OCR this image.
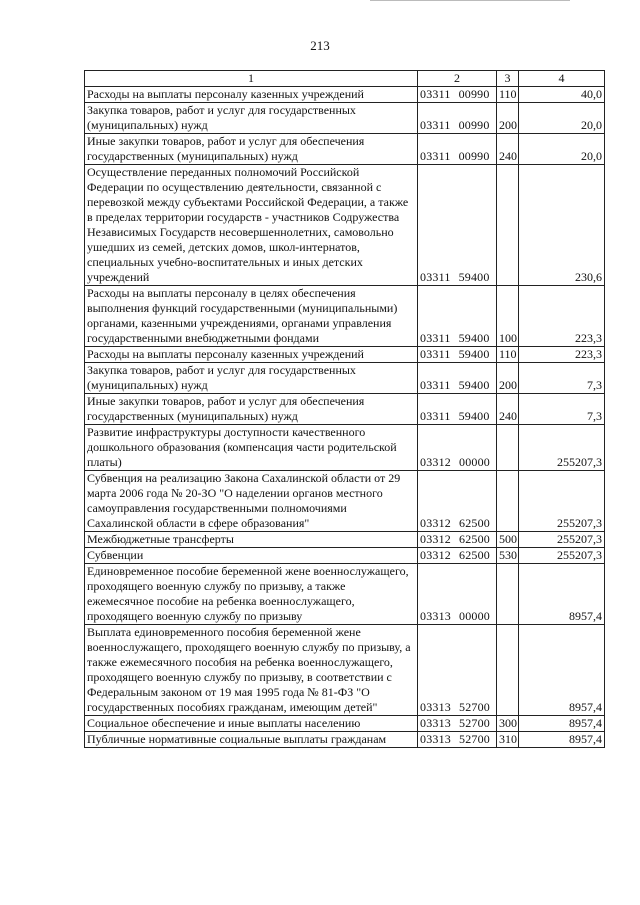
213
1	2	3	4
Расходы на выплаты персоналу казенных учреждений	03311 00990	110	40,0
Закупка товаров, работ и услуг для государственных (муниципальных) нужд	03311 00990	200	20,0
Иные закупки товаров, работ и услуг для обеспечения государственных (муниципальных) нужд	03311 00990	240	20,0
Осуществление переданных полномочий Российской Федерации по осуществлению деятельности, связанной с перевозкой между субъектами Российской Федерации, а также в пределах территории государств - участников Содружества Независимых Государств несовершеннолетних, самовольно ушедших из семей, детских домов, школ-интернатов, специальных учебно-воспитательных и иных детских учреждений	03311 59400		230,6
Расходы на выплаты персоналу в целях обеспечения выполнения функций государственными (муниципальными) органами, казенными учреждениями, органами управления государственными внебюджетными фондами	03311 59400	100	223,3
Расходы на выплаты персоналу казенных учреждений	03311 59400	110	223,3
Закупка товаров, работ и услуг для государственных (муниципальных) нужд	03311 59400	200	7,3
Иные закупки товаров, работ и услуг для обеспечения государственных (муниципальных) нужд	03311 59400	240	7,3
Развитие инфраструктуры доступности качественного дошкольного образования (компенсация части родительской платы)	03312 00000		255207,3
Субвенция на реализацию Закона Сахалинской области от 29 марта 2006 года № 20-ЗО "О наделении органов местного самоуправления государственными полномочиями Сахалинской области в сфере образования"	03312 62500		255207,3
Межбюджетные трансферты	03312 62500	500	255207,3
Субвенции	03312 62500	530	255207,3
Единовременное пособие беременной жене военнослужащего, проходящего военную службу по призыву, а также ежемесячное пособие на ребенка военнослужащего, проходящего военную службу по призыву	03313 00000		8957,4
Выплата единовременного пособия беременной жене военнослужащего, проходящего военную службу по призыву, а также ежемесячного пособия на ребенка военнослужащего, проходящего военную службу по призыву, в соответствии с Федеральным законом от 19 мая 1995 года № 81-ФЗ "О государственных пособиях гражданам, имеющим детей"	03313 52700		8957,4
Социальное обеспечение и иные выплаты населению	03313 52700	300	8957,4
Публичные нормативные социальные выплаты гражданам	03313 52700	310	8957,4
